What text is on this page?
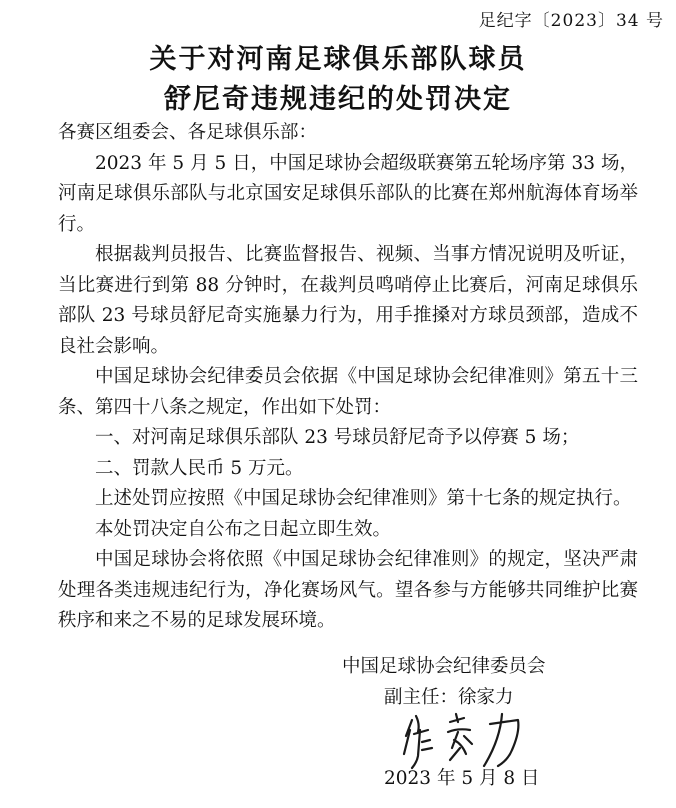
足纪字〔2023〕34 号
关于对河南足球俱乐部队球员
舒尼奇违规违纪的处罚决定

各赛区组委会、各足球俱乐部：

2023 年 5 月 5 日，中国足球协会超级联赛第五轮场序第 33 场，河南足球俱乐部队与北京国安足球俱乐部队的比赛在郑州航海体育场举行。

根据裁判员报告、比赛监督报告、视频、当事方情况说明及听证，当比赛进行到第 88 分钟时，在裁判员鸣哨停止比赛后，河南足球俱乐部队 23 号球员舒尼奇实施暴力行为，用手推搡对方球员颈部，造成不良社会影响。

中国足球协会纪律委员会依据《中国足球协会纪律准则》第五十三条、第四十八条之规定，作出如下处罚：

一、对河南足球俱乐部队 23 号球员舒尼奇予以停赛 5 场；

二、罚款人民币 5 万元。

上述处罚应按照《中国足球协会纪律准则》第十七条的规定执行。

本处罚决定自公布之日起立即生效。

中国足球协会将依照《中国足球协会纪律准则》的规定，坚决严肃处理各类违规违纪行为，净化赛场风气。望各参与方能够共同维护比赛秩序和来之不易的足球发展环境。

中国足球协会纪律委员会
副主任：徐家力
2023 年 5 月 8 日
